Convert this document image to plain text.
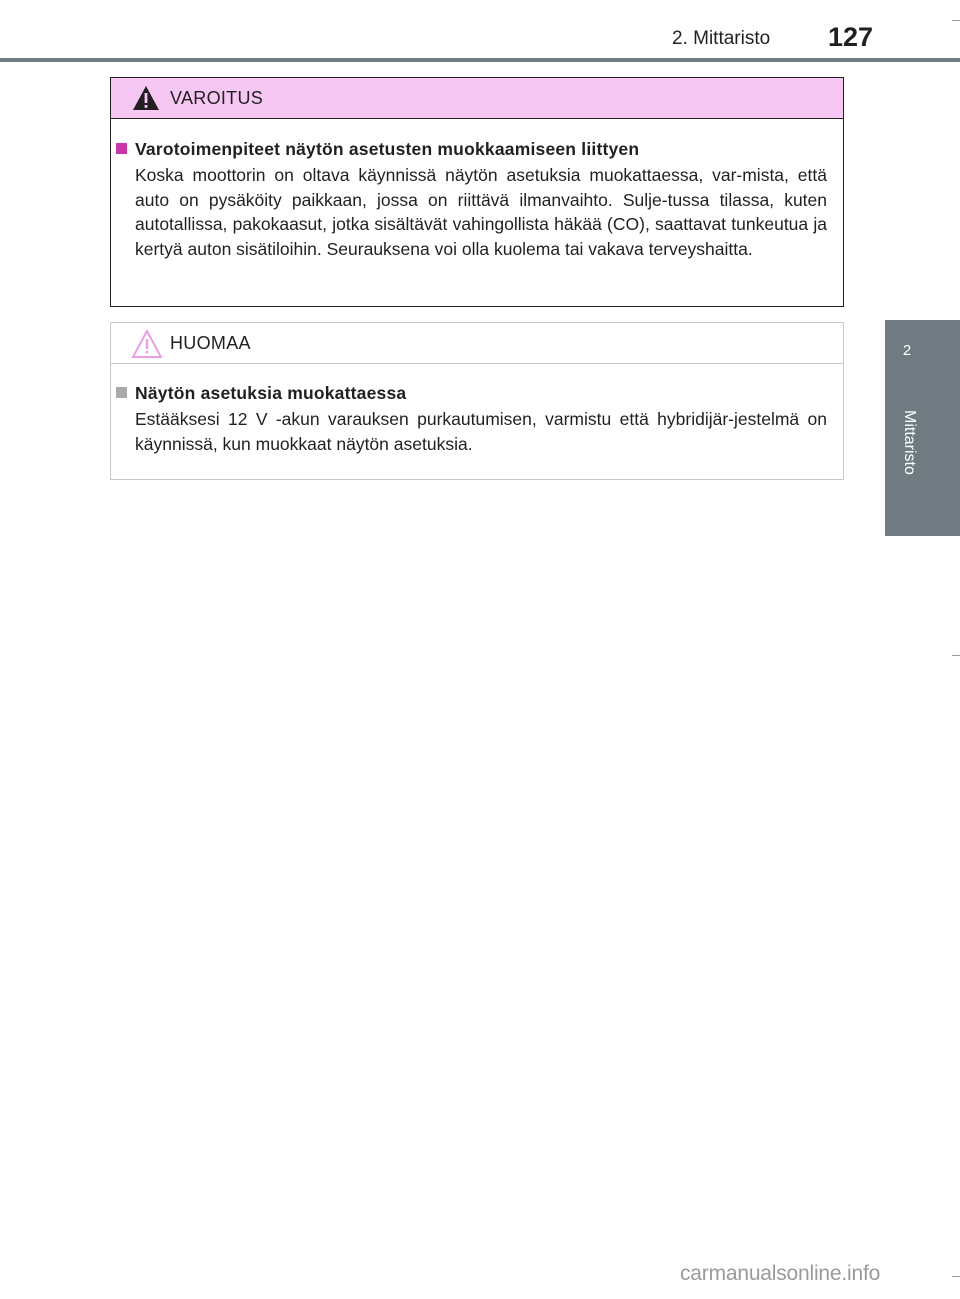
2. Mittaristo 127
2
Mittaristo
VAROITUS
Varotoimenpiteet näytön asetusten muokkaamiseen liittyen
Koska moottorin on oltava käynnissä näytön asetuksia muokattaessa, var-mista, että auto on pysäköity paikkaan, jossa on riittävä ilmanvaihto. Sulje-tussa tilassa, kuten autotallissa, pakokaasut, jotka sisältävät vahingollista häkää (CO), saattavat tunkeutua ja kertyä auton sisätiloihin. Seurauksena voi olla kuolema tai vakava terveyshaitta.
HUOMAA
Näytön asetuksia muokattaessa
Estääksesi 12 V -akun varauksen purkautumisen, varmistu että hybridijär-jestelmä on käynnissä, kun muokkaat näytön asetuksia.
carmanualsonline.info
